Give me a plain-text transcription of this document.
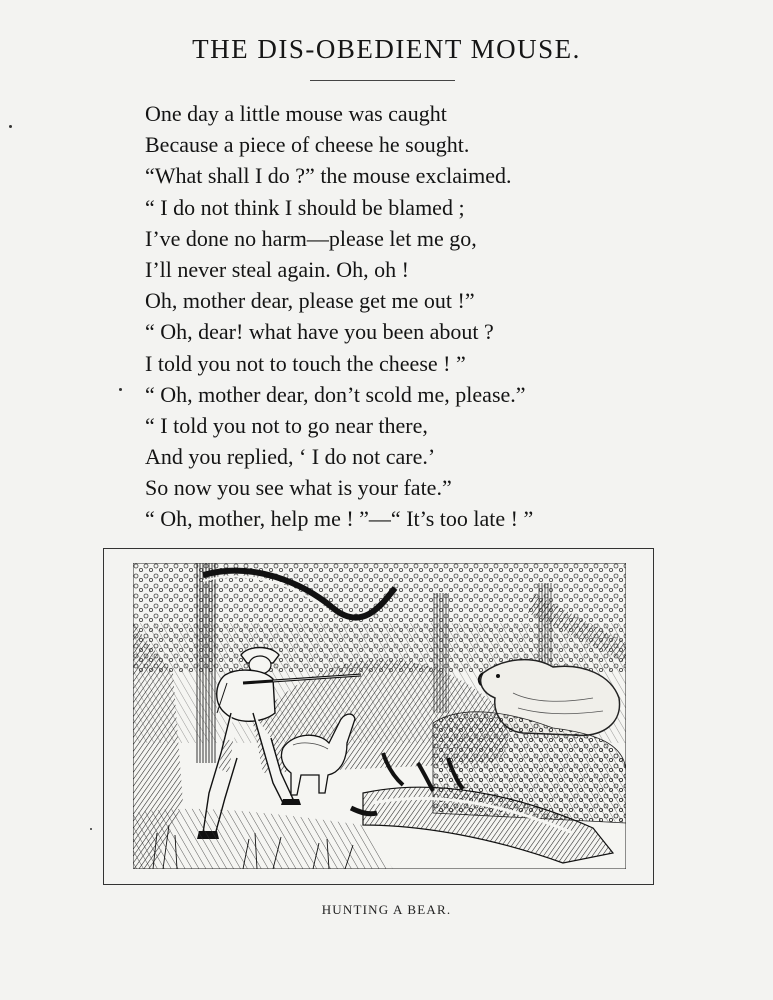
THE DIS-OBEDIENT MOUSE.
One day a little mouse was caught
Because a piece of cheese he sought.
“What shall I do ?” the mouse exclaimed.
“ I do not think I should be blamed ;
I’ve done no harm—please let me go,
I’ll never steal again. Oh, oh !
Oh, mother dear, please get me out !”
“ Oh, dear! what have you been about ?
I told you not to touch the cheese ! ”
“ Oh, mother dear, don’t scold me, please.”
“ I told you not to go near there,
And you replied, ‘ I do not care.’
So now you see what is your fate.”
“ Oh, mother, help me ! ”—“ It’s too late ! ”
HUNTING A BEAR.
